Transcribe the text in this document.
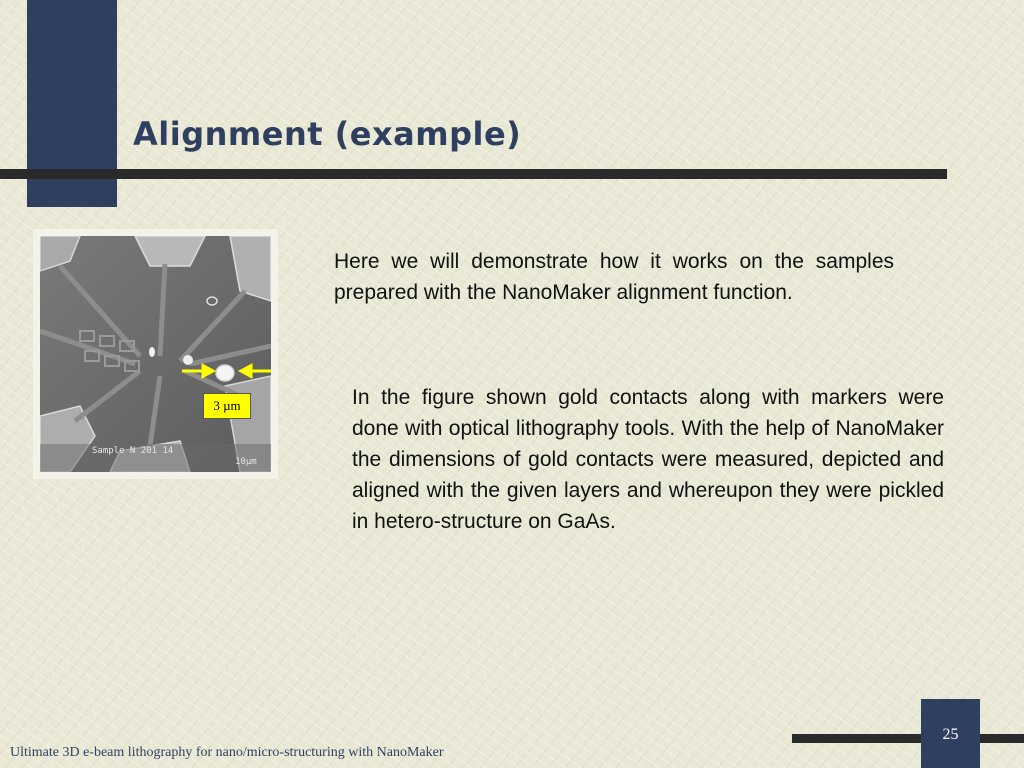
Alignment (example)
Sample N 201 14
10µm
3 µm

Here we will demonstrate how it works on the samples prepared with the NanoMaker alignment function.

In the figure shown gold contacts along with markers were done with optical lithography tools. With the help of NanoMaker the dimensions of gold contacts were measured, depicted and aligned with the given layers and whereupon they were pickled in hetero-structure on GaAs.

25

Ultimate 3D e-beam lithography for nano/micro-structuring with NanoMaker
